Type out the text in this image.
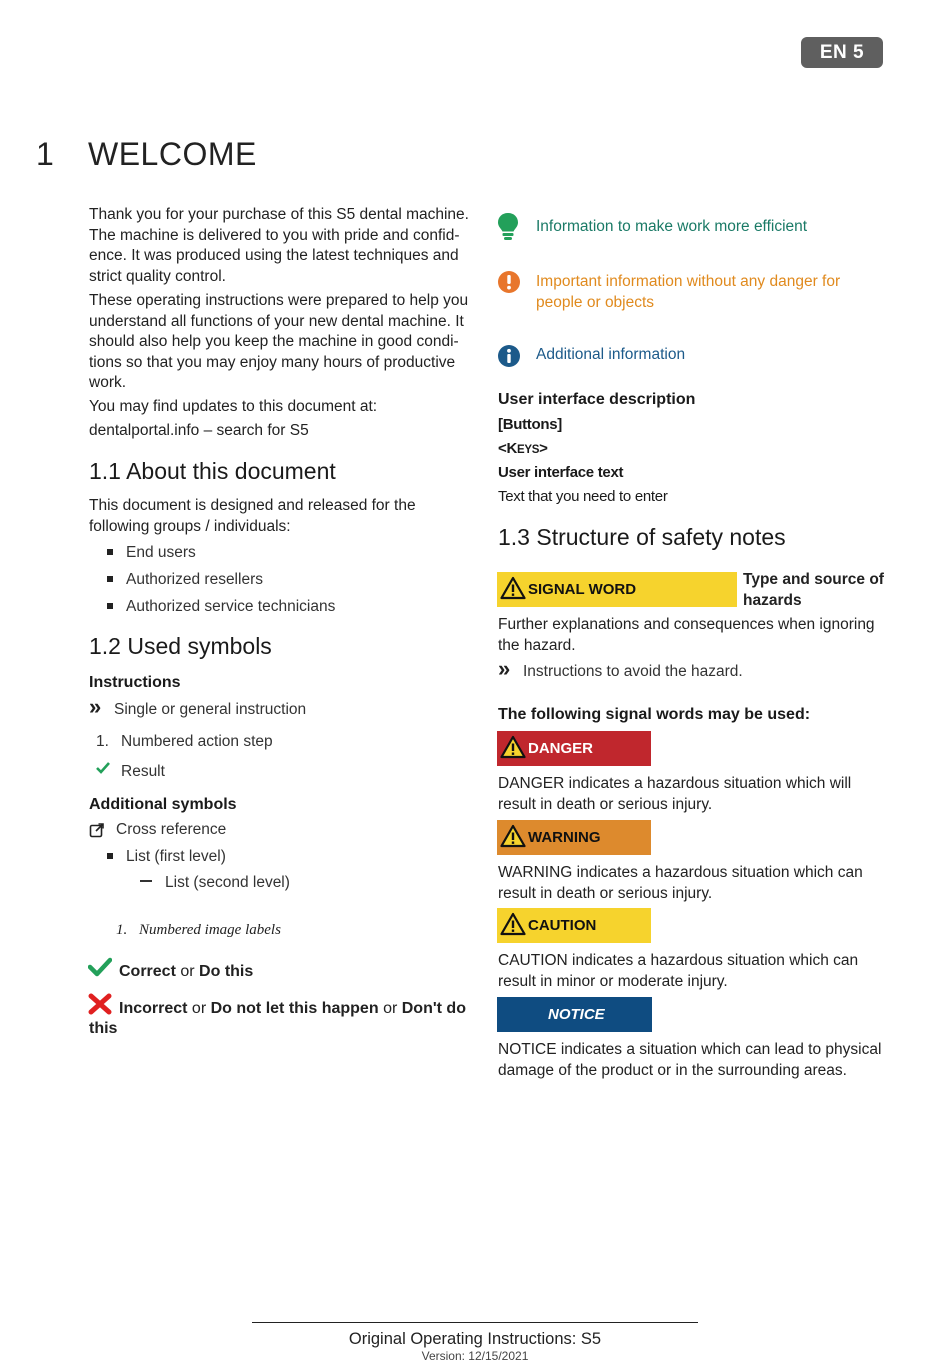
EN 5
1 WELCOME
Thank you for your purchase of this S5 dental machine.
The machine is delivered to you with pride and confid-
ence. It was produced using the latest techniques and
strict quality control.
These operating instructions were prepared to help you
understand all functions of your new dental machine. It
should also help you keep the machine in good condi-
tions so that you may enjoy many hours of productive
work.
You may find updates to this document at:
dentalportal.info – search for S5
1.1 About this document
This document is designed and released for the
following groups / individuals:
End users
Authorized resellers
Authorized service technicians
1.2 Used symbols
Instructions
» Single or general instruction
1. Numbered action step
Result
Additional symbols
Cross reference
List (first level)
List (second level)
1. Numbered image labels
Correct or Do this
Incorrect or Do not let this happen or Don't do
this
Information to make work more efficient
Important information without any danger for
people or objects
Additional information
User interface description
[Buttons]
<KEYS>
User interface text
Text that you need to enter
1.3 Structure of safety notes
SIGNAL WORD
Type and source of
hazards
Further explanations and consequences when ignoring
the hazard.
» Instructions to avoid the hazard.
The following signal words may be used:
DANGER
DANGER indicates a hazardous situation which will
result in death or serious injury.
WARNING
WARNING indicates a hazardous situation which can
result in death or serious injury.
CAUTION
CAUTION indicates a hazardous situation which can
result in minor or moderate injury.
NOTICE
NOTICE indicates a situation which can lead to physical
damage of the product or in the surrounding areas.
Original Operating Instructions: S5
Version: 12/15/2021
